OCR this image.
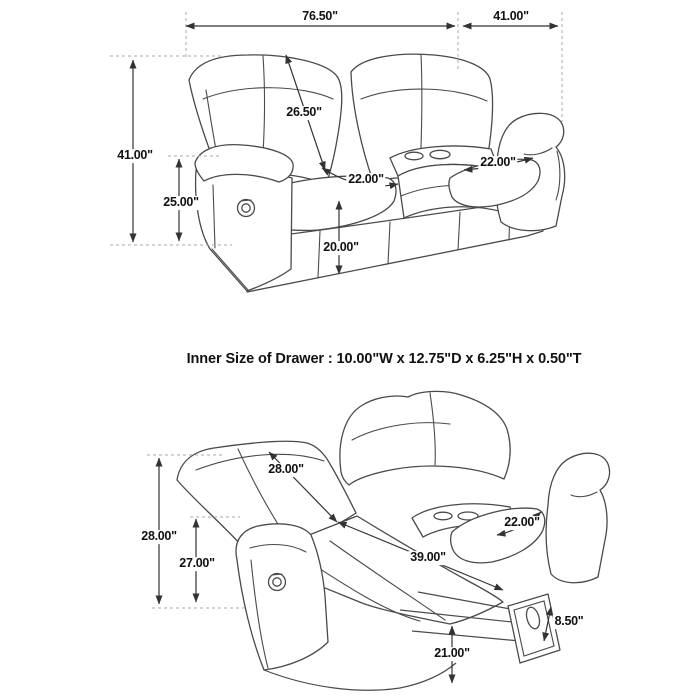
76.50"	41.00"
41.00"
26.50"
22.00"
22.00"
25.00"
20.00"
Inner Size of Drawer : 10.00"W x 12.75"D x 6.25"H x 0.50"T
28.00"
28.00"
27.00"
22.00"
39.00"
8.50"
21.00"
